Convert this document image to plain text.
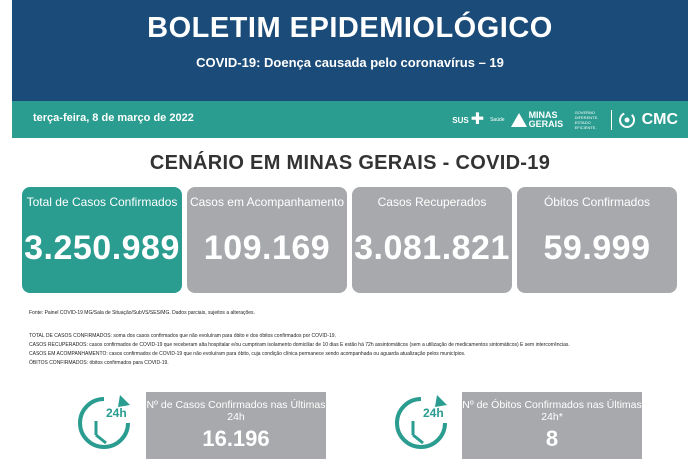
BOLETIM EPIDEMIOLÓGICO
COVID-19: Doença causada pelo coronavírus – 19
terça-feira, 8 de março de 2022	SUS ✚ Saúde	MINAS GERAIS
GOVERNO DIFERENTE. ESTADO EFICIENTE.	CMC
CENÁRIO EM MINAS GERAIS - COVID-19
Total de Casos Confirmados
3.250.989
Casos em Acompanhamento
109.169
Casos Recuperados
3.081.821
Óbitos Confirmados
59.999
Fonte: Painel COVID-19 MG/Sala de Situação/SubVS/SES/MG. Dados parciais, sujeitos a alterações.

TOTAL DE CASOS CONFIRMADOS: soma dos casos confirmados que não evoluíram para óbito e dos óbitos confirmados por COVID-19.

CASOS RECUPERADOS: casos confirmados de COVID-19 que receberam alta hospitalar e/ou cumpriram isolamento domiciliar de 10 dias E estão há 72h assintomáticos (sem a utilização de medicamentos sintomáticos) E sem intercorrências.

CASOS EM ACOMPANHAMENTO: casos confirmados de COVID-19 que não evoluíram para óbito, cuja condição clínica permanece sendo acompanhada ou aguarda atualização pelos municípios.

ÓBITOS CONFIRMADOS: óbitos confirmados para COVID-19.

24h
Nº de Casos Confirmados nas Últimas 24h
16.196
24h
Nº de Óbitos Confirmados nas Últimas 24h*
8
